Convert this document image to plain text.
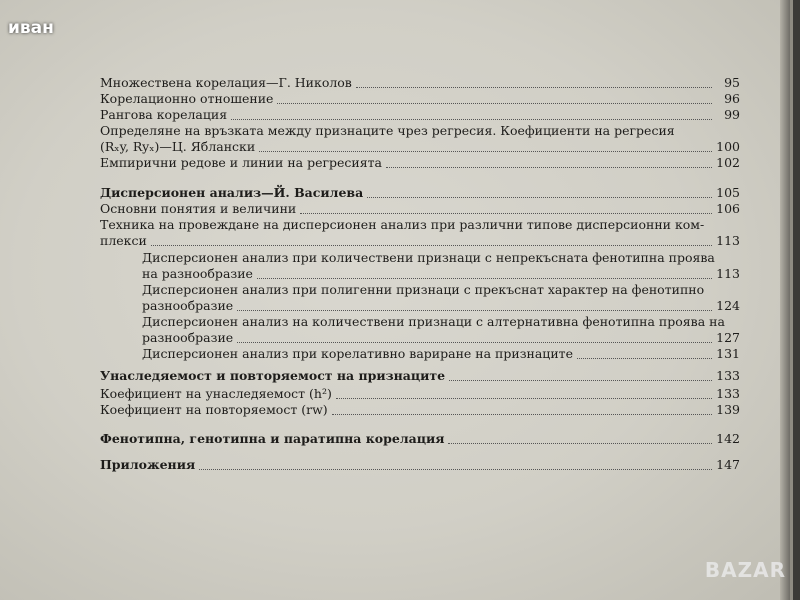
Множествена корелация—Г. Николов	95
Корелационно отношение	96
Рангова корелация	99
Определяне на връзката между признаците чрез регресия. Коефициенти на регресия
(Rₓy, Ryₓ)—Ц. Яблански	100
Емпирични редове и линии на регресията	102
Дисперсионен анализ—Й. Василева	105
Основни понятия и величини	106
Техника на провеждане на дисперсионен анализ при различни типове дисперсионни ком-
плекси	113
Дисперсионен анализ при количествени признаци с непрекъсната фенотипна проява
на разнообразие	113
Дисперсионен анализ при полигенни признаци с прекъснат характер на фенотипно
разнообразие	124
Дисперсионен анализ на количествени признаци с алтернативна фенотипна проява на
разнообразие	127
Дисперсионен анализ при корелативно вариране на признаците	131
Унаследяемост и повторяемост на признаците	133
Коефициент на унаследяемост (h²)	133
Коефициент на повторяемост (rw)	139
Фенотипна, генотипна и паратипна корелация	142
Приложения	147
иван
BAZAR
